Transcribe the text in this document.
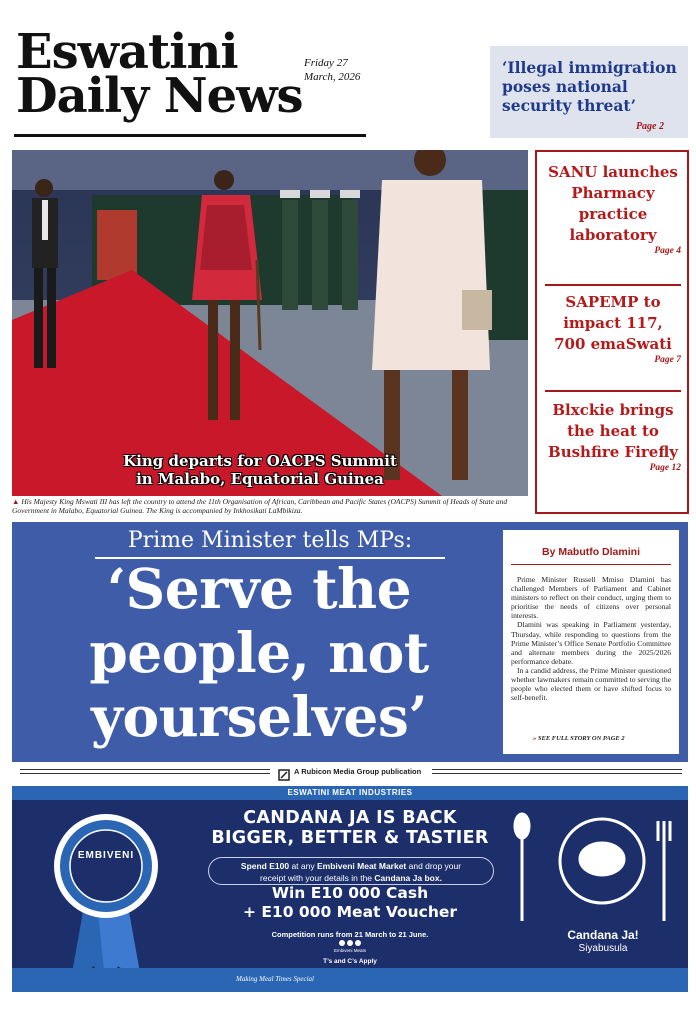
Eswatini
Daily News
Friday 27
March, 2026	‘Illegal immigration poses national security threat’
Page 2
King departs for OACPS Summit
in Malabo, Equatorial Guinea
▲ His Majesty King Mswati III has left the country to attend the 11th Organisation of African, Caribbean and Pacific States (OACPS) Summit of Heads of State and Government in Malabo, Equatorial Guinea. The King is accompanied by Inkhosikati LaMbikiza.
SANU launches Pharmacy practice laboratory
Page 4
SAPEMP to impact 117, 700 emaSwati
Page 7
Blxckie brings the heat to Bushfire Firefly
Page 12
Prime Minister tells MPs:
‘Serve the
people, not
yourselves’
By Mabutfo Dlamini

Prime Minister Russell Mmiso Dlamini has challenged Members of Parliament and Cabinet ministers to reflect on their conduct, urging them to prioritise the needs of citizens over personal interests.

Dlamini was speaking in Parliament yesterday, Thursday, while responding to questions from the Prime Minister’s Office Senate Portfolio Committee and alternate members during the 2025/2026 performance debate.

In a candid address, the Prime Minister questioned whether lawmakers remain committed to serving the people who elected them or have shifted focus to self-benefit.

» SEE FULL STORY ON PAGE 2
A Rubicon Media Group publication
ESWATINI MEAT INDUSTRIES
EMBIVENI
CANDANA JA IS BACK
BIGGER, BETTER & TASTIER
Spend E100 at any Embiveni Meat Market and drop your
receipt with your details in the Candana Ja box.
Win E10 000 Cash
+ E10 000 Meat Voucher
Competition runs from 21 March to 21 June.
Embiveni Meats
T’s and C’s Apply
Making Meal Times Special
Candana Ja!
Siyabusula
